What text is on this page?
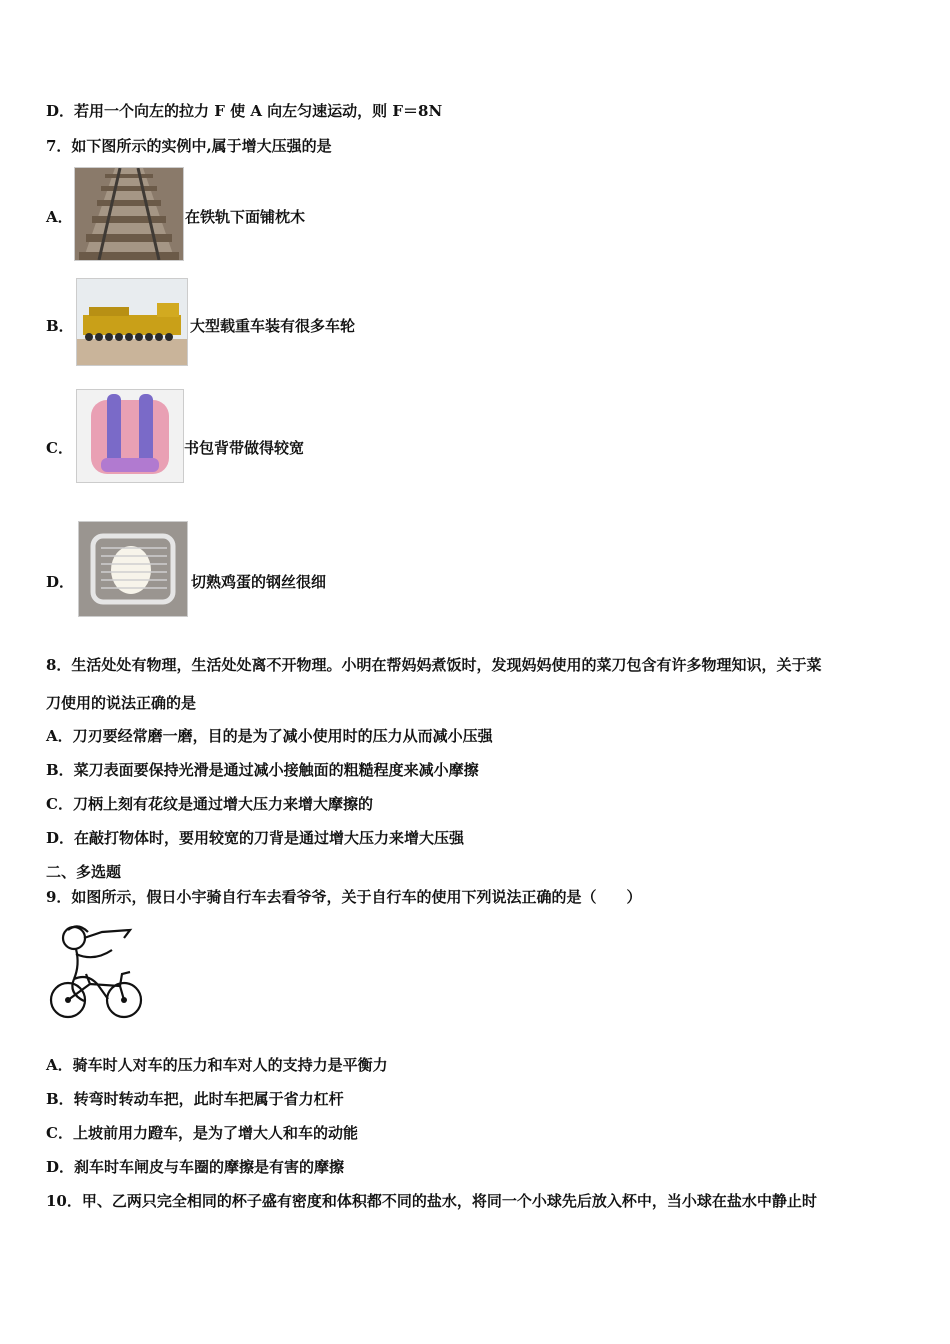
D．若用一个向左的拉力 F 使 A 向左匀速运动，则 F＝8N
7．如下图所示的实例中,属于增大压强的是
A．	在铁轨下面铺枕木
B．	大型载重车装有很多车轮
C．	书包背带做得较宽
D．	切熟鸡蛋的钢丝很细
8．生活处处有物理，生活处处离不开物理。小明在帮妈妈煮饭时，发现妈妈使用的菜刀包含有许多物理知识，关于菜
刀使用的说法正确的是
A．刀刃要经常磨一磨，目的是为了减小使用时的压力从而减小压强
B．菜刀表面要保持光滑是通过减小接触面的粗糙程度来减小摩擦
C．刀柄上刻有花纹是通过增大压力来增大摩擦的
D．在敲打物体时，要用较宽的刀背是通过增大压力来增大压强
二、多选题
9．如图所示，假日小宇骑自行车去看爷爷，关于自行车的使用下列说法正确的是（　　）
A．骑车时人对车的压力和车对人的支持力是平衡力
B．转弯时转动车把，此时车把属于省力杠杆
C．上坡前用力蹬车，是为了增大人和车的动能
D．刹车时车闸皮与车圈的摩擦是有害的摩擦
10．甲、乙两只完全相同的杯子盛有密度和体积都不同的盐水，将同一个小球先后放入杯中，当小球在盐水中静止时
